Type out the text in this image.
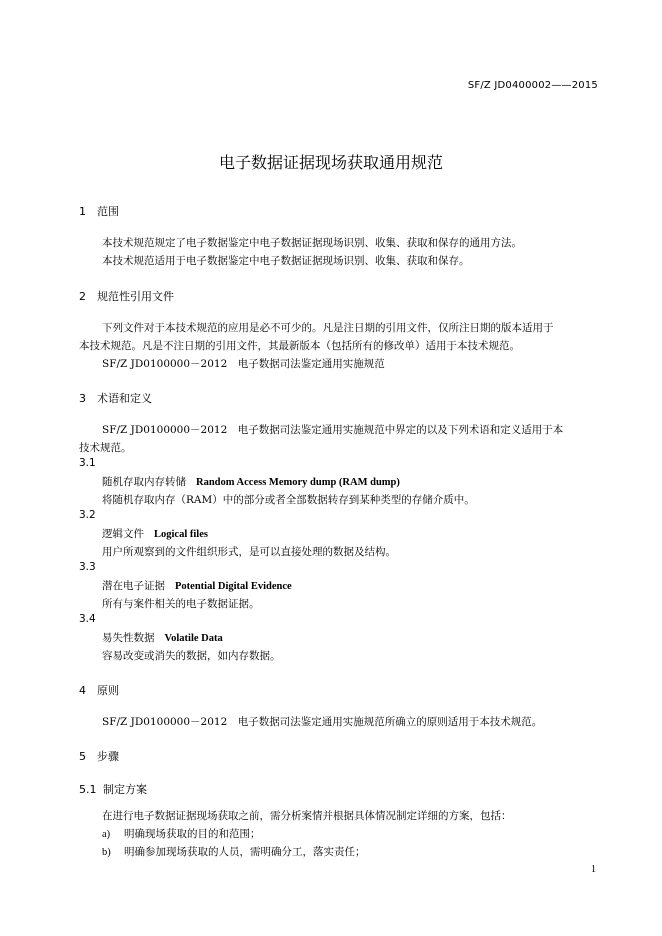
SF/Z JD0400002——2015
电子数据证据现场获取通用规范
1 范围
本技术规范规定了电子数据鉴定中电子数据证据现场识别、收集、获取和保存的通用方法。
本技术规范适用于电子数据鉴定中电子数据证据现场识别、收集、获取和保存。
2 规范性引用文件
下列文件对于本技术规范的应用是必不可少的。凡是注日期的引用文件，仅所注日期的版本适用于
本技术规范。凡是不注日期的引用文件，其最新版本（包括所有的修改单）适用于本技术规范。
SF/Z JD0100000－2012　电子数据司法鉴定通用实施规范
3 术语和定义
SF/Z JD0100000－2012　电子数据司法鉴定通用实施规范中界定的以及下列术语和定义适用于本
技术规范。
3.1
随机存取内存转储 Random Access Memory dump (RAM dump)
将随机存取内存（RAM）中的部分或者全部数据转存到某种类型的存储介质中。
3.2
逻辑文件 Logical files
用户所观察到的文件组织形式，是可以直接处理的数据及结构。
3.3
潜在电子证据 Potential Digital Evidence
所有与案件相关的电子数据证据。
3.4
易失性数据 Volatile Data
容易改变或消失的数据，如内存数据。
4 原则
SF/Z JD0100000－2012　电子数据司法鉴定通用实施规范所确立的原则适用于本技术规范。
5 步骤
5.1 制定方案
在进行电子数据证据现场获取之前，需分析案情并根据具体情况制定详细的方案，包括：
a) 明确现场获取的目的和范围；
b) 明确参加现场获取的人员，需明确分工，落实责任；
1
